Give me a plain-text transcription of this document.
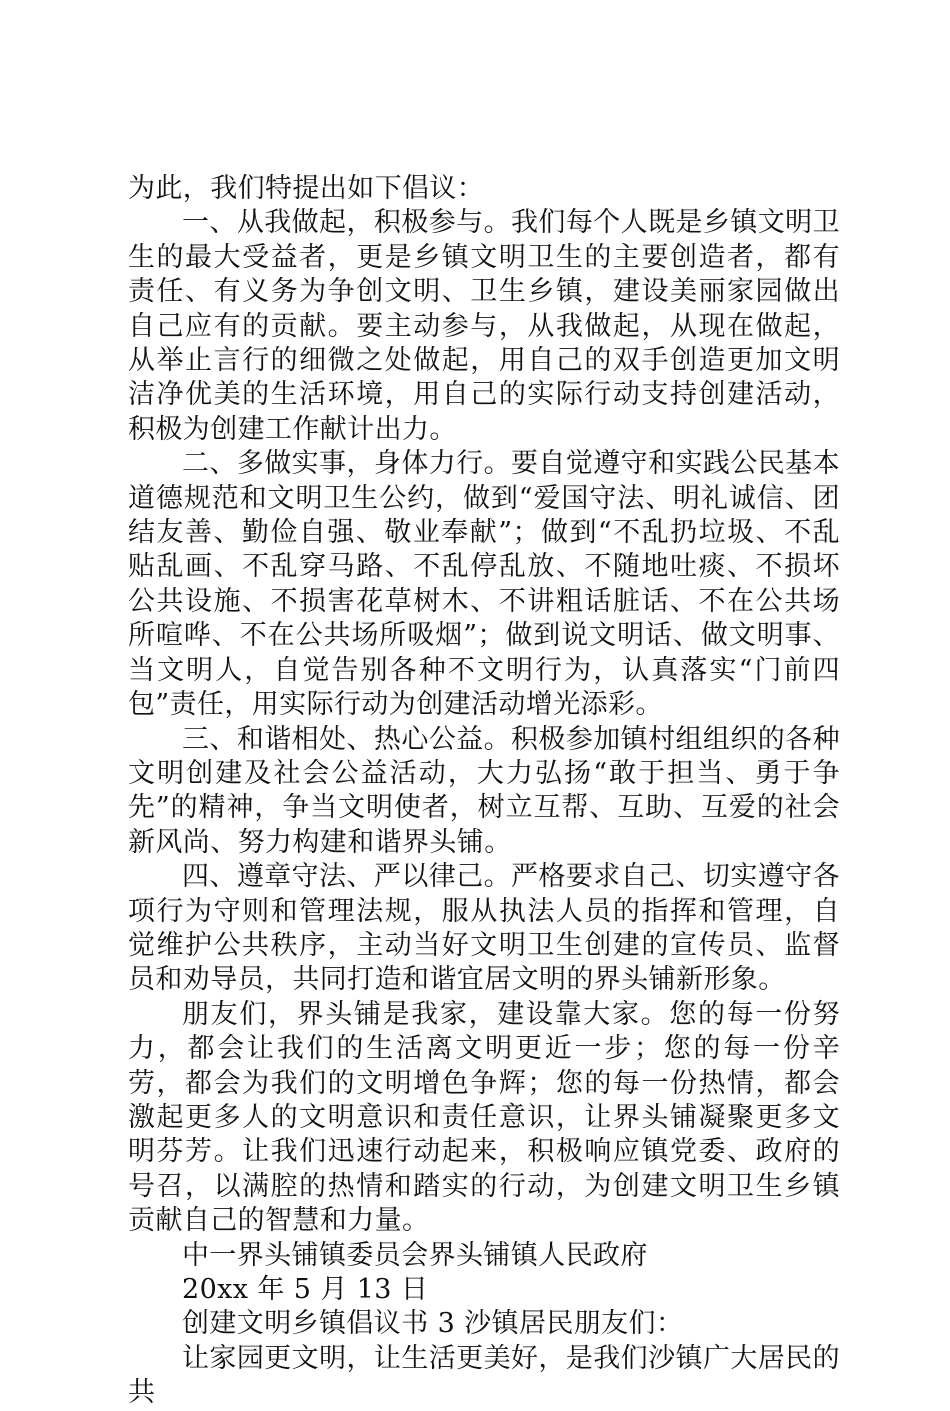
为此，我们特提出如下倡议：

一、从我做起，积极参与。我们每个人既是乡镇文明卫生的最大受益者，更是乡镇文明卫生的主要创造者，都有责任、有义务为争创文明、卫生乡镇，建设美丽家园做出自己应有的贡献。要主动参与，从我做起，从现在做起，从举止言行的细微之处做起，用自己的双手创造更加文明洁净优美的生活环境，用自己的实际行动支持创建活动，积极为创建工作献计出力。

二、多做实事，身体力行。要自觉遵守和实践公民基本道德规范和文明卫生公约，做到“爱国守法、明礼诚信、团结友善、勤俭自强、敬业奉献”；做到“不乱扔垃圾、不乱贴乱画、不乱穿马路、不乱停乱放、不随地吐痰、不损坏公共设施、不损害花草树木、不讲粗话脏话、不在公共场所喧哗、不在公共场所吸烟”；做到说文明话、做文明事、当文明人，自觉告别各种不文明行为，认真落实“门前四包”责任，用实际行动为创建活动增光添彩。

三、和谐相处、热心公益。积极参加镇村组组织的各种文明创建及社会公益活动，大力弘扬“敢于担当、勇于争先”的精神，争当文明使者，树立互帮、互助、互爱的社会新风尚、努力构建和谐界头铺。

四、遵章守法、严以律己。严格要求自己、切实遵守各项行为守则和管理法规，服从执法人员的指挥和管理，自觉维护公共秩序，主动当好文明卫生创建的宣传员、监督员和劝导员，共同打造和谐宜居文明的界头铺新形象。

朋友们，界头铺是我家，建设靠大家。您的每一份努力，都会让我们的生活离文明更近一步；您的每一份辛劳，都会为我们的文明增色争辉；您的每一份热情，都会激起更多人的文明意识和责任意识，让界头铺凝聚更多文明芬芳。让我们迅速行动起来，积极响应镇党委、政府的号召，以满腔的热情和踏实的行动，为创建文明卫生乡镇贡献自己的智慧和力量。

中一界头铺镇委员会界头铺镇人民政府

20xx 年 5 月 13 日

创建文明乡镇倡议书 3 沙镇居民朋友们：

让家园更文明，让生活更美好，是我们沙镇广大居民的共
